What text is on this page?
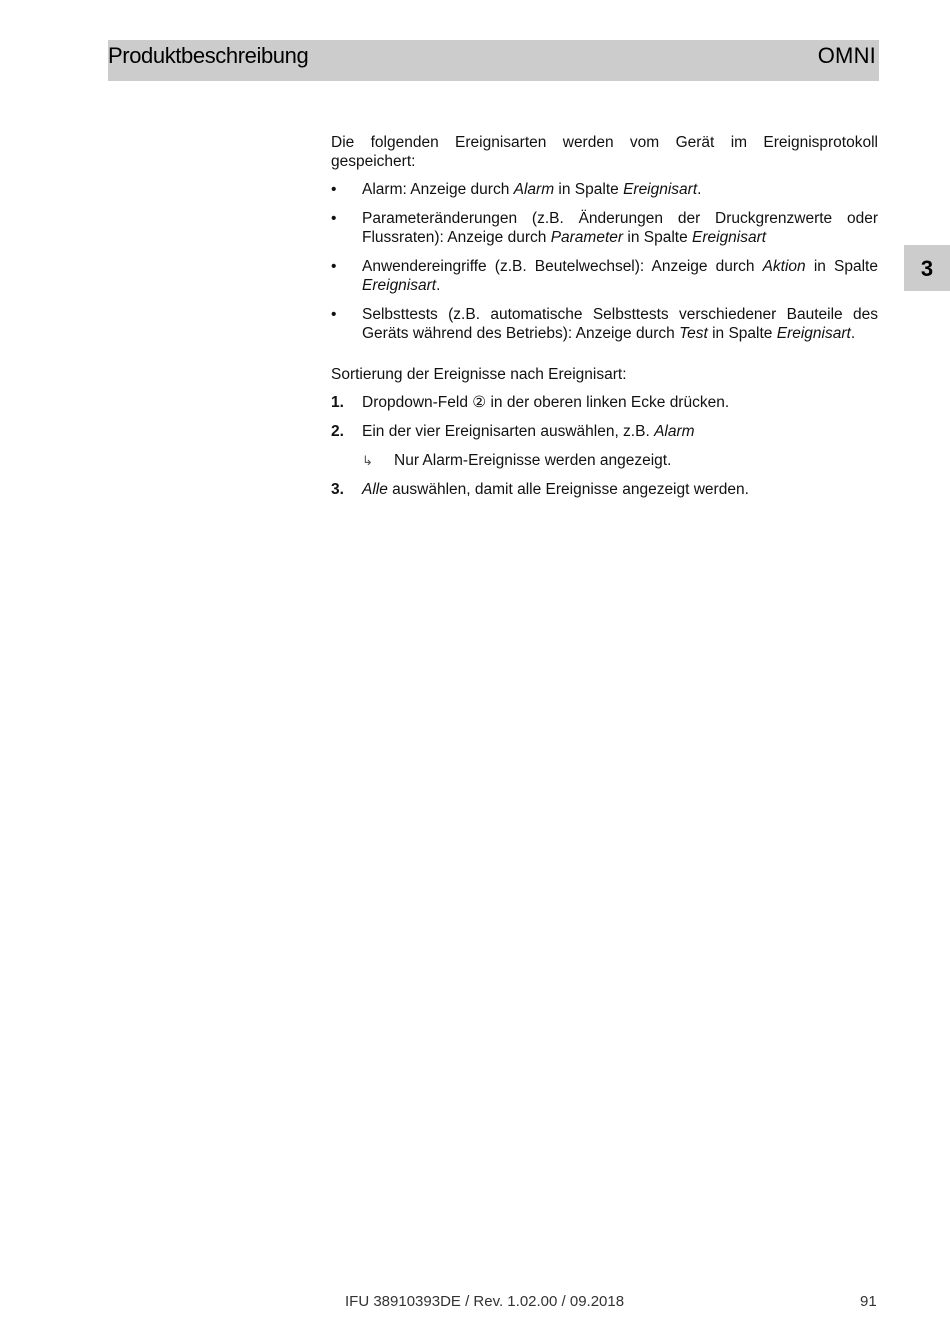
Produktbeschreibung	OMNI
3

Die folgenden Ereignisarten werden vom Gerät im Ereignisprotokoll gespeichert:

• Alarm: Anzeige durch Alarm in Spalte Ereignisart.
• Parameteränderungen (z.B. Änderungen der Druckgrenzwerte oder Flussraten): Anzeige durch Parameter in Spalte Ereignisart
• Anwendereingriffe (z.B. Beutelwechsel): Anzeige durch Aktion in Spalte Ereignisart.
• Selbsttests (z.B. automatische Selbsttests verschiedener Bauteile des Geräts während des Betriebs): Anzeige durch Test in Spalte Ereignisart.

Sortierung der Ereignisse nach Ereignisart:

1. Dropdown-Feld ② in der oberen linken Ecke drücken.
2. Ein der vier Ereignisarten auswählen, z.B. Alarm
↳ Nur Alarm-Ereignisse werden angezeigt.
3. Alle auswählen, damit alle Ereignisse angezeigt werden.
IFU 38910393DE / Rev. 1.02.00 / 09.2018	91
